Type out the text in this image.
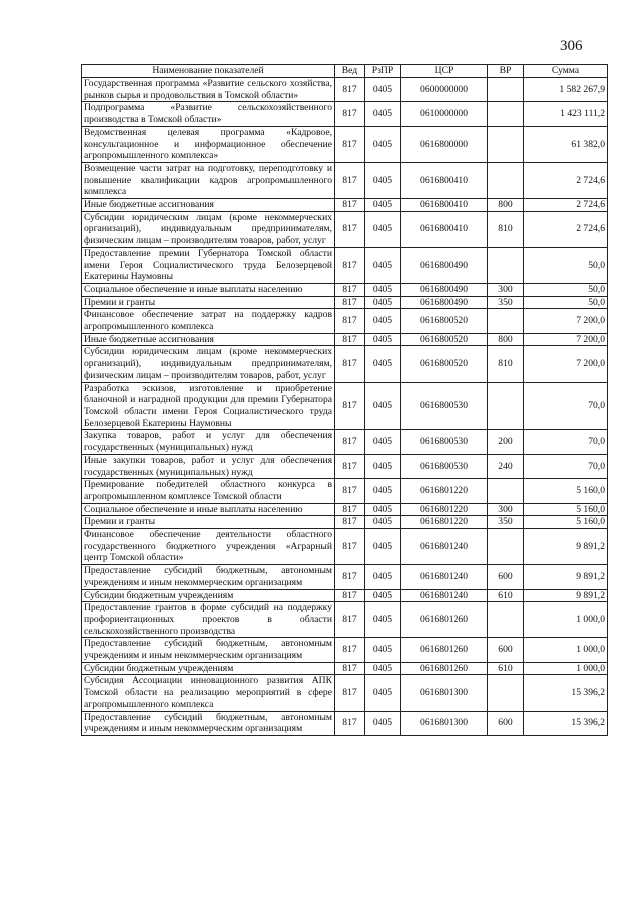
306
Наименование показателей	Вед	РзПР	ЦСР	ВР	Сумма
Государственная программа «Развитие сельского хозяйства, рынков сырья и продовольствия в Томской области»	817	0405	0600000000		1 582 267,9
Подпрограмма «Развитие сельскохозяйственного производства в Томской области»	817	0405	0610000000		1 423 111,2
Ведомственная целевая программа «Кадровое, консультационное и информационное обеспечение агропромышленного комплекса»	817	0405	0616800000		61 382,0
Возмещение части затрат на подготовку, переподготовку и повышение квалификации кадров агропромышленного комплекса	817	0405	0616800410		2 724,6
Иные бюджетные ассигнования	817	0405	0616800410	800	2 724,6
Субсидии юридическим лицам (кроме некоммерческих организаций), индивидуальным предпринимателям, физическим лицам – производителям товаров, работ, услуг	817	0405	0616800410	810	2 724,6
Предоставление премии Губернатора Томской области имени Героя Социалистического труда Белозерцевой Екатерины Наумовны	817	0405	0616800490		50,0
Социальное обеспечение и иные выплаты населению	817	0405	0616800490	300	50,0
Премии и гранты	817	0405	0616800490	350	50,0
Финансовое обеспечение затрат на поддержку кадров агропромышленного комплекса	817	0405	0616800520		7 200,0
Иные бюджетные ассигнования	817	0405	0616800520	800	7 200,0
Субсидии юридическим лицам (кроме некоммерческих организаций), индивидуальным предпринимателям, физическим лицам – производителям товаров, работ, услуг	817	0405	0616800520	810	7 200,0
Разработка эскизов, изготовление и приобретение бланочной и наградной продукции для премии Губернатора Томской области имени Героя Социалистического труда Белозерцевой Екатерины Наумовны	817	0405	0616800530		70,0
Закупка товаров, работ и услуг для обеспечения государственных (муниципальных) нужд	817	0405	0616800530	200	70,0
Иные закупки товаров, работ и услуг для обеспечения государственных (муниципальных) нужд	817	0405	0616800530	240	70,0
Премирование победителей областного конкурса в агропромышленном комплексе Томской области	817	0405	0616801220		5 160,0
Социальное обеспечение и иные выплаты населению	817	0405	0616801220	300	5 160,0
Премии и гранты	817	0405	0616801220	350	5 160,0
Финансовое обеспечение деятельности областного государственного бюджетного учреждения «Аграрный центр Томской области»	817	0405	0616801240		9 891,2
Предоставление субсидий бюджетным, автономным учреждениям и иным некоммерческим организациям	817	0405	0616801240	600	9 891,2
Субсидии бюджетным учреждениям	817	0405	0616801240	610	9 891,2
Предоставление грантов в форме субсидий на поддержку профориентационных проектов в области сельскохозяйственного производства	817	0405	0616801260		1 000,0
Предоставление субсидий бюджетным, автономным учреждениям и иным некоммерческим организациям	817	0405	0616801260	600	1 000,0
Субсидии бюджетным учреждениям	817	0405	0616801260	610	1 000,0
Субсидия Ассоциации инновационного развития АПК Томской области на реализацию мероприятий в сфере агропромышленного комплекса	817	0405	0616801300		15 396,2
Предоставление субсидий бюджетным, автономным учреждениям и иным некоммерческим организациям	817	0405	0616801300	600	15 396,2
